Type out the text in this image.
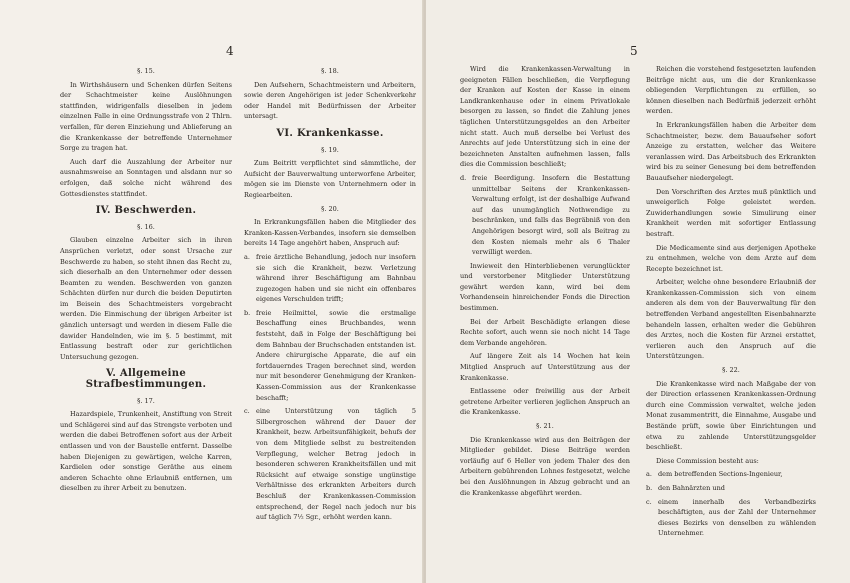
4
§. 15.

In Wirthshäusern und Schenken dürfen Seitens der Schachtmeister keine Auslöhnungen stattfinden, widrigenfalls dieselben in jedem einzelnen Falle in eine Ordnungsstrafe von 2 Thlrn. verfallen, für deren Einziehung und Ablieferung an die Krankenkasse der betreffende Unternehmer Sorge zu tragen hat.

Auch darf die Auszahlung der Arbeiter nur ausnahmsweise an Sonntagen und alsdann nur so erfolgen, daß solche nicht während des Gottesdienstes stattfindet.

IV. Beschwerden.
§. 16.

Glauben einzelne Arbeiter sich in ihren Ansprüchen verletzt, oder sonst Ursache zur Beschwerde zu haben, so steht ihnen das Recht zu, sich dieserhalb an den Unternehmer oder dessen Beamten zu wenden. Beschwerden von ganzen Schächten dürfen nur durch die beiden Deputirten im Beisein des Schachtmeisters vorgebracht werden. Die Einmischung der übrigen Arbeiter ist gänzlich untersagt und werden in diesem Falle die dawider Handelnden, wie im §. 5 bestimmt, mit Entlassung bestraft oder zur gerichtlichen Untersuchung gezogen.

V. Allgemeine Strafbestimmungen.
§. 17.

Hazardspiele, Trunkenheit, Anstiftung von Streit und Schlägerei sind auf das Strengste verboten und werden die dabei Betroffenen sofort aus der Arbeit entlassen und von der Baustelle entfernt. Dasselbe haben Diejenigen zu gewärtigen, welche Karren, Kardielen oder sonstige Geräthe aus einem anderen Schachte ohne Erlaubniß entfernen, um dieselben zu ihrer Arbeit zu benutzen.

§. 18.

Den Aufsehern, Schachtmeistern und Arbeitern, sowie deren Angehörigen ist jeder Schenkverkehr oder Handel mit Bedürfnissen der Arbeiter untersagt.

VI. Krankenkasse.
§. 19.

Zum Beitritt verpflichtet sind sämmtliche, der Aufsicht der Bauverwaltung unterworfene Arbeiter, mögen sie im Dienste von Unternehmern oder in Regiearbeiten.

§. 20.

In Erkrankungsfällen haben die Mitglieder des Kranken-Kassen-Verbandes, insofern sie demselben bereits 14 Tage angehört haben, Anspruch auf:

a. freie ärztliche Behandlung, jedoch nur insofern sie sich die Krankheit, bezw. Verletzung während ihrer Beschäftigung am Bahnbau zugezogen haben und sie nicht ein offenbares eigenes Verschulden trifft;
b. freie Heilmittel, sowie die erstmalige Beschaffung eines Bruchbandes, wenn feststeht, daß in Folge der Beschäftigung bei dem Bahnbau der Bruchschaden entstanden ist. Andere chirurgische Apparate, die auf ein fortdauerndes Tragen berechnet sind, werden nur mit besonderer Genehmigung der Kranken-Kassen-Commission aus der Krankenkasse beschafft;
c. eine Unterstützung von täglich 5 Silbergroschen während der Dauer der Krankheit, bezw. Arbeitsunfähigkeit, behufs der von dem Mitgliede selbst zu bestreitenden Verpflegung, welcher Betrag jedoch in besonderen schweren Krankheitsfällen und mit Rücksicht auf etwaige sonstige ungünstige Verhältnisse des erkrankten Arbeiters durch Beschluß der Krankenkassen-Commission entsprechend, der Regel nach jedoch nur bis auf täglich 7½ Sgr., erhöht werden kann.
5

Wird die Krankenkassen-Verwaltung in geeigneten Fällen beschließen, die Verpflegung der Kranken auf Kosten der Kasse in einem Landkrankenhause oder in einem Privatlokale besorgen zu lassen, so findet die Zahlung jenes täglichen Unterstützungsgeldes an den Arbeiter nicht statt. Auch muß derselbe bei Verlust des Anrechts auf jede Unterstützung sich in eine der bezeichneten Anstalten aufnehmen lassen, falls dies die Commission beschließt;

d. freie Beerdigung. Insofern die Bestattung unmittelbar Seitens der Krankenkassen-Verwaltung erfolgt, ist der deshalbige Aufwand auf das unumgänglich Nothwendige zu beschränken, und falls das Begräbniß von den Angehörigen besorgt wird, soll als Beitrag zu den Kosten niemals mehr als 6 Thaler verwilligt werden.

Inwieweit den Hinterbliebenen verunglückter und verstorbener Mitglieder Unterstützung gewährt werden kann, wird bei dem Vorhandensein hinreichender Fonds die Direction bestimmen.

Bei der Arbeit Beschädigte erlangen diese Rechte sofort, auch wenn sie noch nicht 14 Tage dem Verbande angehören.

Auf längere Zeit als 14 Wochen hat kein Mitglied Anspruch auf Unterstützung aus der Krankenkasse.

Entlassene oder freiwillig aus der Arbeit getretene Arbeiter verlieren jeglichen Anspruch an die Krankenkasse.

§. 21.

Die Krankenkasse wird aus den Beiträgen der Mitglieder gebildet. Diese Beiträge werden vorläufig auf 6 Heller von jedem Thaler des den Arbeitern gebührenden Lohnes festgesetzt, welche bei den Auslöhnungen in Abzug gebracht und an die Krankenkasse abgeführt werden.

Reichen die vorstehend festgesetzten laufenden Beiträge nicht aus, um die der Krankenkasse obliegenden Verpflichtungen zu erfüllen, so können dieselben nach Bedürfniß jederzeit erhöht werden.

In Erkrankungsfällen haben die Arbeiter dem Schachtmeister, bezw. dem Bauaufseher sofort Anzeige zu erstatten, welcher das Weitere veranlassen wird. Das Arbeitsbuch des Erkrankten wird bis zu seiner Genesung bei dem betreffenden Bauaufseher niedergelegt.

Den Vorschriften des Arztes muß pünktlich und unweigerlich Folge geleistet werden. Zuwiderhandlungen sowie Simulirung einer Krankheit werden mit sofortiger Entlassung bestraft.

Die Medicamente sind aus derjenigen Apotheke zu entnehmen, welche von dem Arzte auf dem Recepte bezeichnet ist.

Arbeiter, welche ohne besondere Erlaubniß der Krankenkassen-Commission sich von einem anderen als dem von der Bauverwaltung für den betreffenden Verband angestellten Eisenbahnarzte behandeln lassen, erhalten weder die Gebühren des Arztes, noch die Kosten für Arznei erstattet, verlieren auch den Anspruch auf die Unterstützungen.

§. 22.

Die Krankenkasse wird nach Maßgabe der von der Direction erlassenen Krankenkassen-Ordnung durch eine Commission verwaltet, welche jeden Monat zusammentritt, die Einnahme, Ausgabe und Bestände prüft, sowie über Einrichtungen und etwa zu zahlende Unterstützungsgelder beschließt.

Diese Commission besteht aus:

a. dem betreffenden Sections-Ingenieur,
b. den Bahnärzten und
c. einem innerhalb des Verbandbezirks beschäftigten, aus der Zahl der Unternehmer dieses Bezirks von denselben zu wählenden Unternehmer.
